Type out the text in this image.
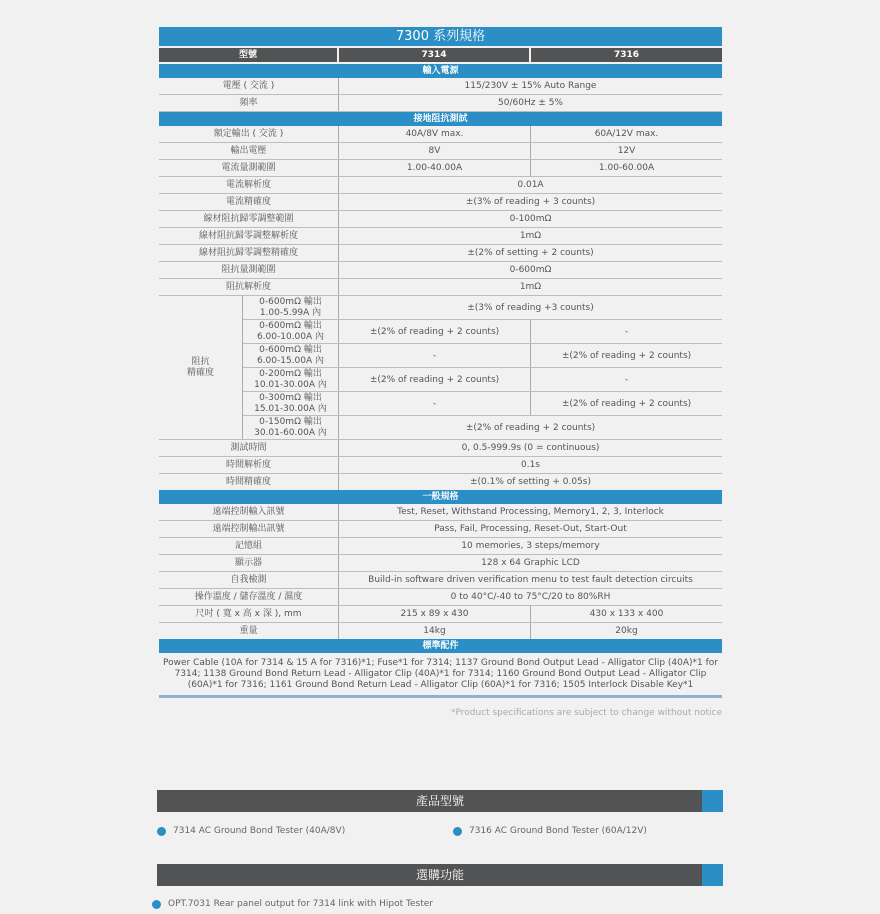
7300 系列規格
型號	7314	7316
輸入電源
電壓 ( 交流 )	115/230V ± 15% Auto Range
頻率	50/60Hz ± 5%
接地阻抗測試
額定輸出 ( 交流 )	40A/8V max.	60A/12V max.
輸出電壓	8V	12V
電流量測範圍	1.00-40.00A	1.00-60.00A
電流解析度	0.01A
電流精確度	±(3% of reading + 3 counts)
線材阻抗歸零調整範圍	0-100mΩ
線材阻抗歸零調整解析度	1mΩ
線材阻抗歸零調整精確度	±(2% of setting + 2 counts)
阻抗量測範圍	0-600mΩ
阻抗解析度	1mΩ
阻抗
精確度
0-600mΩ 輸出
1.00-5.99A 內	±(3% of reading +3 counts)
0-600mΩ 輸出
6.00-10.00A 內	±(2% of reading + 2 counts)	-
0-600mΩ 輸出
6.00-15.00A 內	-	±(2% of reading + 2 counts)
0-200mΩ 輸出
10.01-30.00A 內	±(2% of reading + 2 counts)	-
0-300mΩ 輸出
15.01-30.00A 內	-	±(2% of reading + 2 counts)
0-150mΩ 輸出
30.01-60.00A 內	±(2% of reading + 2 counts)
測試時間	0, 0.5-999.9s (0 = continuous)
時間解析度	0.1s
時間精確度	±(0.1% of setting + 0.05s)
一般規格
遠端控制輸入訊號	Test, Reset, Withstand Processing, Memory1, 2, 3, Interlock
遠端控制輸出訊號	Pass, Fail, Processing, Reset-Out, Start-Out
記憶組	10 memories, 3 steps/memory
顯示器	128 x 64 Graphic LCD
自我檢測	Build-in software driven verification menu to test fault detection circuits
操作溫度 / 儲存溫度 / 濕度	0 to 40°C/-40 to 75°C/20 to 80%RH
尺吋 ( 寬 x 高 x 深 ), mm	215 x 89 x 430	430 x 133 x 400
重量	14kg	20kg
標準配件
Power Cable (10A for 7314 & 15 A for 7316)*1; Fuse*1 for 7314; 1137 Ground Bond Output Lead - Alligator Clip (40A)*1 for 7314; 1138 Ground Bond Return Lead - Alligator Clip (40A)*1 for 7314; 1160 Ground Bond Output Lead - Alligator Clip (60A)*1 for 7316; 1161 Ground Bond Return Lead - Alligator Clip (60A)*1 for 7316; 1505 Interlock Disable Key*1
*Product specifications are subject to change without notice
產品型號
7314 AC Ground Bond Tester (40A/8V)	7316 AC Ground Bond Tester (60A/12V)
選購功能
OPT.7031 Rear panel output for 7314 link with Hipot Tester
